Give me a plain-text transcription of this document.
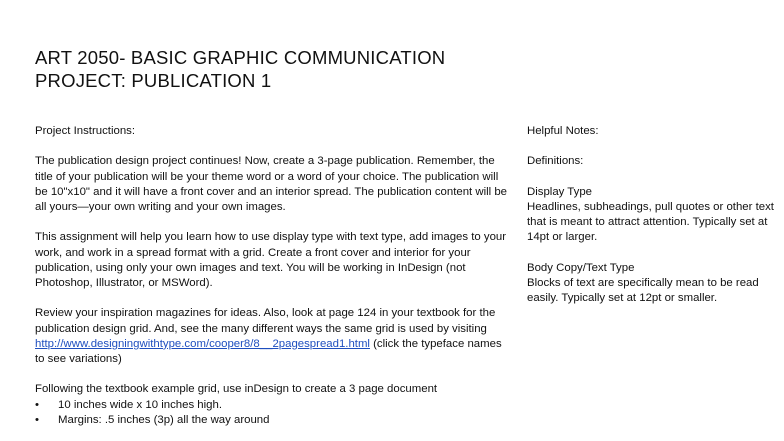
ART 2050- BASIC GRAPHIC COMMUNICATION
PROJECT: PUBLICATION 1

Project Instructions:

The publication design project continues! Now, create a 3-page publication. Remember, the title of your publication will be your theme word or a word of your choice. The publication will be 10"x10" and it will have a front cover and an interior spread. The publication content will be all yours—your own writing and your own images.

This assignment will help you learn how to use display type with text type, add images to your work, and work in a spread format with a grid. Create a front cover and interior for your publication, using only your own images and text. You will be working in InDesign (not Photoshop, Illustrator, or MSWord).

Review your inspiration magazines for ideas. Also, look at page 124 in your textbook for the publication design grid. And, see the many different ways the same grid is used by visiting http://www.designingwithtype.com/cooper8/8__2pagespread1.html (click the typeface names to see variations)

Following the textbook example grid, use inDesign to create a 3 page document

• 10 inches wide x 10 inches high.
• Margins: .5 inches (3p) all the way around

Helpful Notes:

Definitions:

Display Type

Headlines, subheadings, pull quotes or other text that is meant to attract attention. Typically set at 14pt or larger.

Body Copy/Text Type

Blocks of text are specifically mean to be read easily. Typically set at 12pt or smaller.
